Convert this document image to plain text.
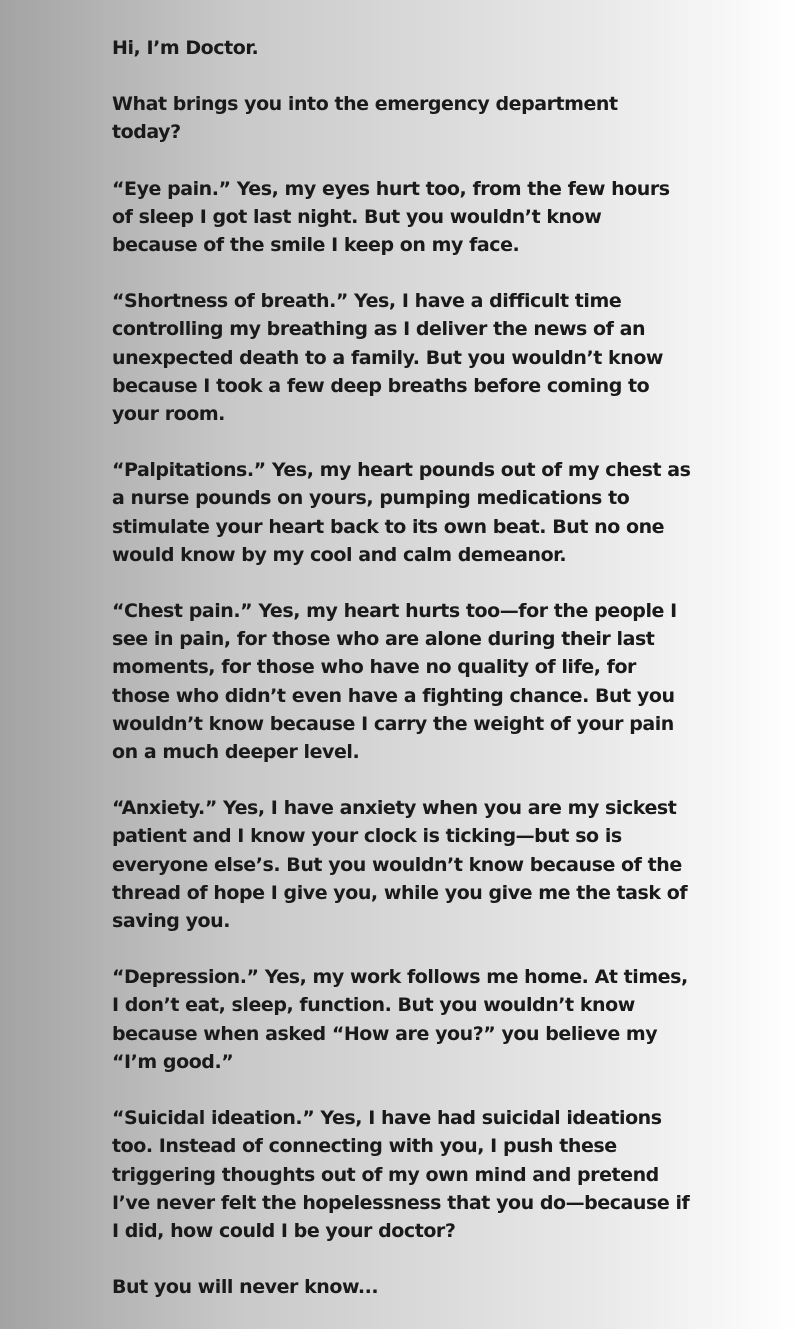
Hi, I’m Doctor.

What brings you into the emergency department today?

“Eye pain.” Yes, my eyes hurt too, from the few hours of sleep I got last night. But you wouldn’t know because of the smile I keep on my face.

“Shortness of breath.” Yes, I have a difficult time controlling my breathing as I deliver the news of an unexpected death to a family. But you wouldn’t know because I took a few deep breaths before coming to your room.

“Palpitations.” Yes, my heart pounds out of my chest as a nurse pounds on yours, pumping medications to stimulate your heart back to its own beat. But no one would know by my cool and calm demeanor.

“Chest pain.” Yes, my heart hurts too—for the people I see in pain, for those who are alone during their last moments, for those who have no quality of life, for those who didn’t even have a fighting chance. But you wouldn’t know because I carry the weight of your pain on a much deeper level.

“Anxiety.” Yes, I have anxiety when you are my sickest patient and I know your clock is ticking—but so is everyone else’s. But you wouldn’t know because of the thread of hope I give you, while you give me the task of saving you.

“Depression.” Yes, my work follows me home. At times, I don’t eat, sleep, function. But you wouldn’t know because when asked “How are you?” you believe my “I’m good.”

“Suicidal ideation.” Yes, I have had suicidal ideations too. Instead of connecting with you, I push these triggering thoughts out of my own mind and pretend I’ve never felt the hopelessness that you do—because if I did, how could I be your doctor?

But you will never know...
